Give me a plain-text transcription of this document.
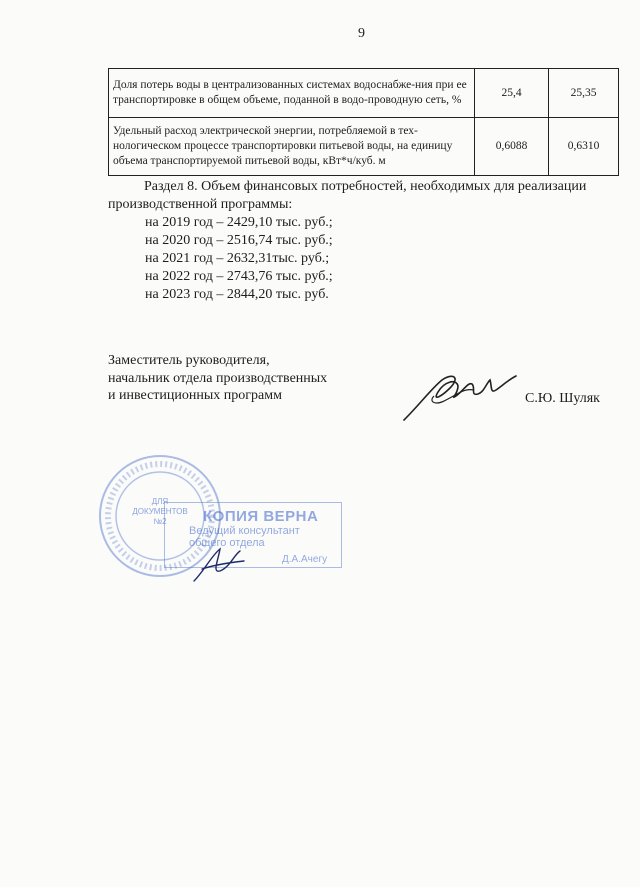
9
Доля потерь воды в централизованных системах водоснабже-ния при ее транспортировке в общем объеме, поданной в водо-проводную сеть, %	25,4	25,35
Удельный расход электрической энергии, потребляемой в тех-нологическом процессе транспортировки питьевой воды, на единицу объема транспортируемой питьевой воды, кВт*ч/куб. м	0,6088	0,6310

Раздел 8. Объем финансовых потребностей, необходимых для реализации производственной программы:

на 2019 год – 2429,10 тыс. руб.;

на 2020 год – 2516,74 тыс. руб.;

на 2021 год – 2632,31тыс. руб.;

на 2022 год – 2743,76 тыс. руб.;

на 2023 год – 2844,20 тыс. руб.

Заместитель руководителя,
начальник отдела производственных
и инвестиционных программ	С.Ю. Шуляк
ДЛЯ
ДОКУМЕНТОВ
№2 КОПИЯ ВЕРНА
Ведущий консультант
общего отдела
Д.А.Ачегу
